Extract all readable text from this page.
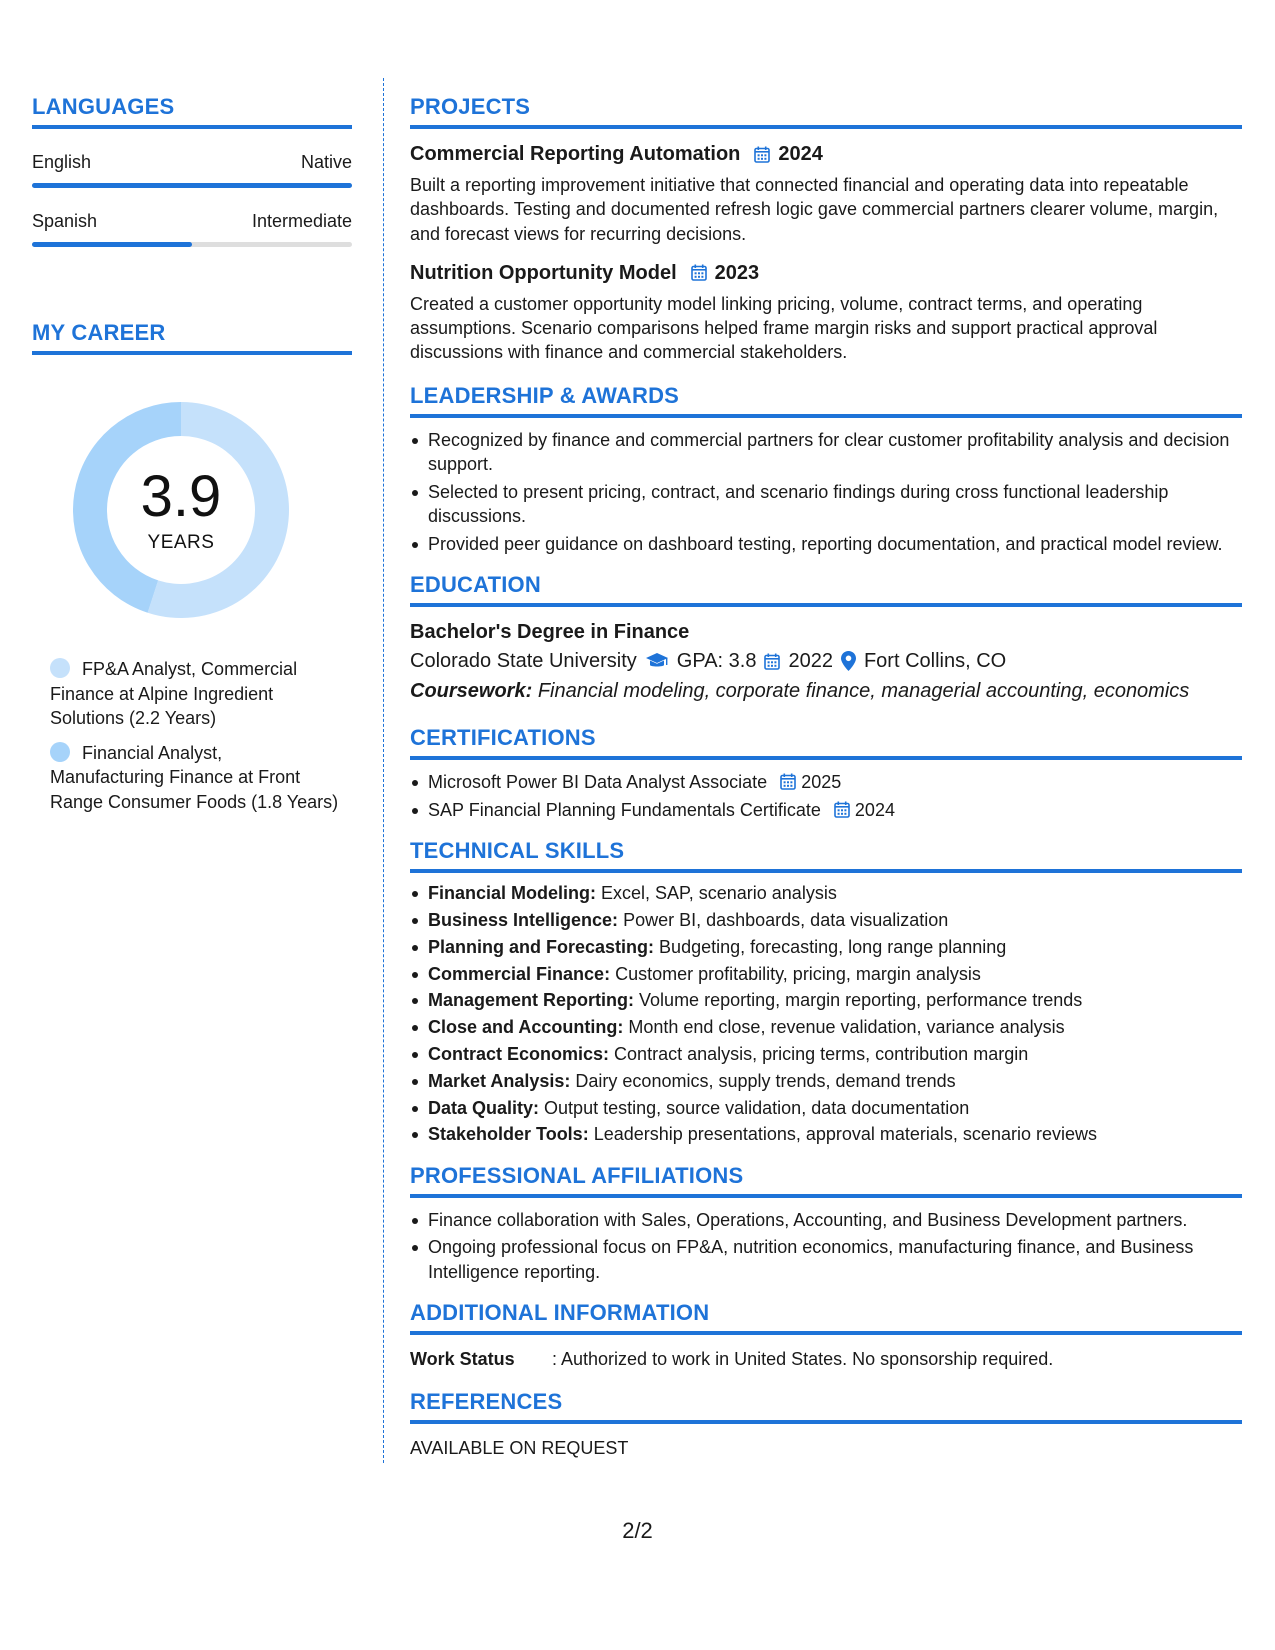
LANGUAGES
English	Native
Spanish	Intermediate
MY CAREER
3.9
YEARS
FP&A Analyst, Commercial Finance at Alpine Ingredient Solutions (2.2 Years)
Financial Analyst, Manufacturing Finance at Front Range Consumer Foods (1.8 Years)
PROJECTS
Commercial Reporting Automation 2024
Built a reporting improvement initiative that connected financial and operating data into repeatable dashboards. Testing and documented refresh logic gave commercial partners clearer volume, margin, and forecast views for recurring decisions.
Nutrition Opportunity Model 2023
Created a customer opportunity model linking pricing, volume, contract terms, and operating assumptions. Scenario comparisons helped frame margin risks and support practical approval discussions with finance and commercial stakeholders.
LEADERSHIP & AWARDS
Recognized by finance and commercial partners for clear customer profitability analysis and decision support.
Selected to present pricing, contract, and scenario findings during cross functional leadership discussions.
Provided peer guidance on dashboard testing, reporting documentation, and practical model review.
EDUCATION
Bachelor's Degree in Finance
Colorado State University GPA: 3.8 2022 Fort Collins, CO
Coursework: Financial modeling, corporate finance, managerial accounting, economics
CERTIFICATIONS
Microsoft Power BI Data Analyst Associate 2025
SAP Financial Planning Fundamentals Certificate 2024
TECHNICAL SKILLS
Financial Modeling: Excel, SAP, scenario analysis
Business Intelligence: Power BI, dashboards, data visualization
Planning and Forecasting: Budgeting, forecasting, long range planning
Commercial Finance: Customer profitability, pricing, margin analysis
Management Reporting: Volume reporting, margin reporting, performance trends
Close and Accounting: Month end close, revenue validation, variance analysis
Contract Economics: Contract analysis, pricing terms, contribution margin
Market Analysis: Dairy economics, supply trends, demand trends
Data Quality: Output testing, source validation, data documentation
Stakeholder Tools: Leadership presentations, approval materials, scenario reviews
PROFESSIONAL AFFILIATIONS
Finance collaboration with Sales, Operations, Accounting, and Business Development partners.
Ongoing professional focus on FP&A, nutrition economics, manufacturing finance, and Business Intelligence reporting.
ADDITIONAL INFORMATION
Work Status	: Authorized to work in United States. No sponsorship required.
REFERENCES
AVAILABLE ON REQUEST
2/2
